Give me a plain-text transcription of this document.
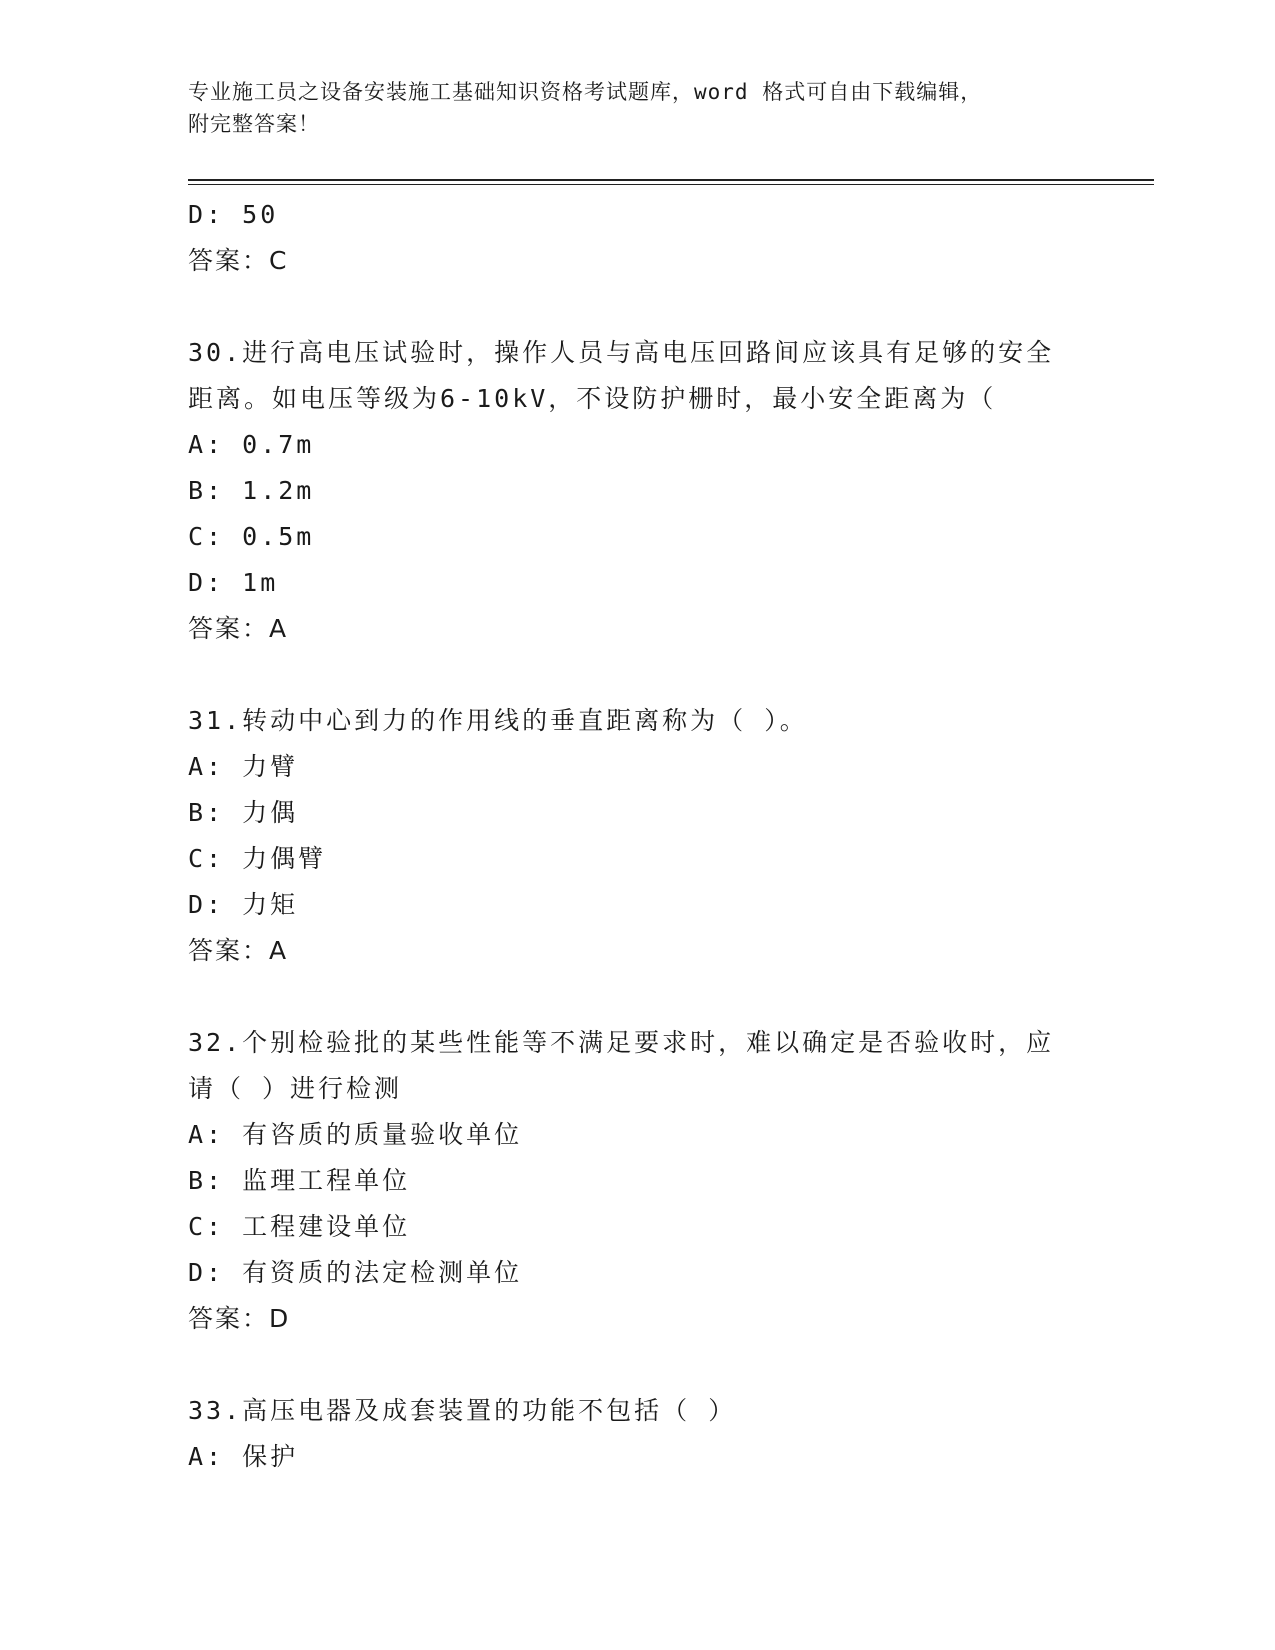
专业施工员之设备安装施工基础知识资格考试题库，word 格式可自由下载编辑，
附完整答案！
D: 50
答案：C
30.进行高电压试验时，操作人员与高电压回路间应该具有足够的安全
距离。如电压等级为6-10kV，不设防护栅时，最小安全距离为（
A: 0.7m
B: 1.2m
C: 0.5m
D: 1m
答案：A
31.转动中心到力的作用线的垂直距离称为（ ）。
A: 力臂
B: 力偶
C: 力偶臂
D: 力矩
答案：A
32.个别检验批的某些性能等不满足要求时，难以确定是否验收时，应
请（ ）进行检测
A: 有咨质的质量验收单位
B: 监理工程单位
C: 工程建设单位
D: 有资质的法定检测单位
答案：D
33.高压电器及成套装置的功能不包括（ ）
A: 保护
